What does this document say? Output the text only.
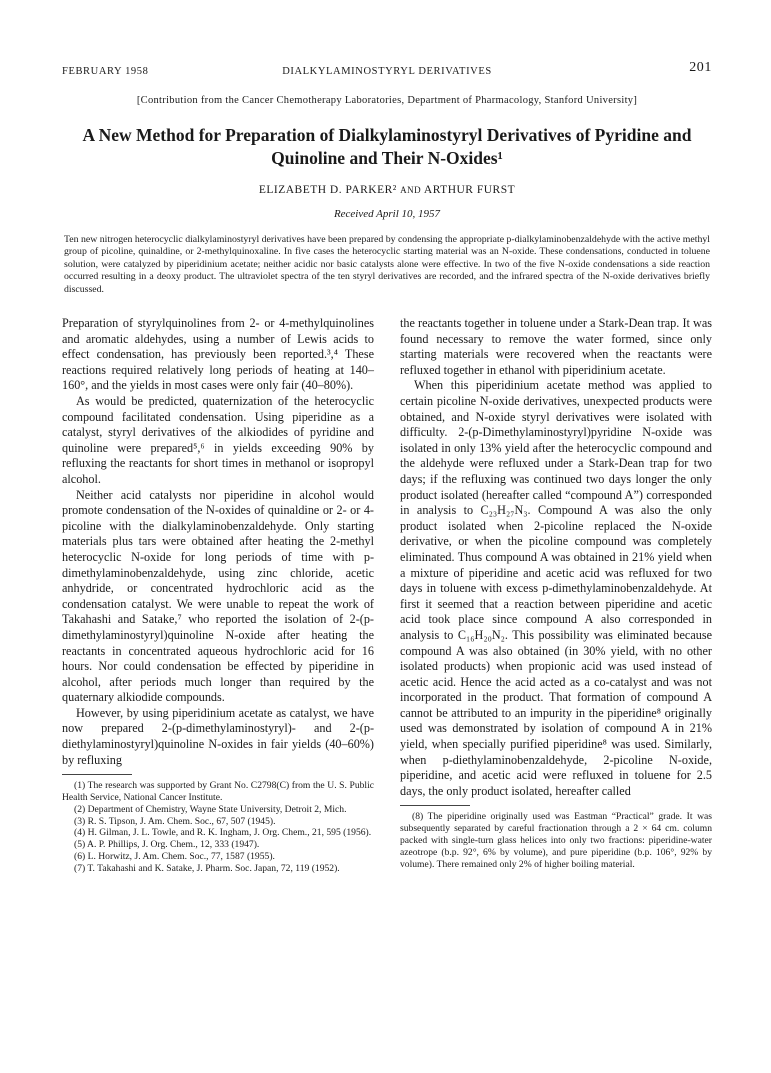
FEBRUARY 1958	DIALKYLAMINOSTYRYL DERIVATIVES	201
[Contribution from the Cancer Chemotherapy Laboratories, Department of Pharmacology, Stanford University]
A New Method for Preparation of Dialkylaminostyryl Derivatives of Pyridine and Quinoline and Their N-Oxides¹
ELIZABETH D. PARKER² AND ARTHUR FURST
Received April 10, 1957
Ten new nitrogen heterocyclic dialkylaminostyryl derivatives have been prepared by condensing the appropriate p-dialkylaminobenzaldehyde with the active methyl group of picoline, quinaldine, or 2-methylquinoxaline. In five cases the heterocyclic starting material was an N-oxide. These condensations, conducted in toluene solution, were catalyzed by piperidinium acetate; neither acidic nor basic catalysts alone were effective. In two of the five N-oxide condensations a side reaction occurred resulting in a deoxy product. The ultraviolet spectra of the ten styryl derivatives are recorded, and the infrared spectra of the N-oxide derivatives briefly discussed.

Preparation of styrylquinolines from 2- or 4-methylquinolines and aromatic aldehydes, using a number of Lewis acids to effect condensation, has previously been reported.³,⁴ These reactions required relatively long periods of heating at 140–160°, and the yields in most cases were only fair (40–80%).

As would be predicted, quaternization of the heterocyclic compound facilitated condensation. Using piperidine as a catalyst, styryl derivatives of the alkiodides of pyridine and quinoline were prepared⁵,⁶ in yields exceeding 90% by refluxing the reactants for short times in methanol or isopropyl alcohol.

Neither acid catalysts nor piperidine in alcohol would promote condensation of the N-oxides of quinaldine or 2- or 4-picoline with the dialkylaminobenzaldehyde. Only starting materials plus tars were obtained after heating the 2-methyl heterocyclic N-oxide for long periods of time with p-dimethylaminobenzaldehyde, using zinc chloride, acetic anhydride, or concentrated hydrochloric acid as the condensation catalyst. We were unable to repeat the work of Takahashi and Satake,⁷ who reported the isolation of 2-(p-dimethylaminostyryl)quinoline N-oxide after heating the reactants in concentrated aqueous hydrochloric acid for 16 hours. Nor could condensation be effected by piperidine in alcohol, after periods much longer than required by the quaternary alkiodide compounds.

However, by using piperidinium acetate as catalyst, we have now prepared 2-(p-dimethylaminostyryl)- and 2-(p-diethylaminostyryl)quinoline N-oxides in fair yields (40–60%) by refluxing

(1) The research was supported by Grant No. C2798(C) from the U. S. Public Health Service, National Cancer Institute.
(2) Department of Chemistry, Wayne State University, Detroit 2, Mich.
(3) R. S. Tipson, J. Am. Chem. Soc., 67, 507 (1945).
(4) H. Gilman, J. L. Towle, and R. K. Ingham, J. Org. Chem., 21, 595 (1956).
(5) A. P. Phillips, J. Org. Chem., 12, 333 (1947).
(6) L. Horwitz, J. Am. Chem. Soc., 77, 1587 (1955).
(7) T. Takahashi and K. Satake, J. Pharm. Soc. Japan, 72, 119 (1952).

the reactants together in toluene under a Stark-Dean trap. It was found necessary to remove the water formed, since only starting materials were recovered when the reactants were refluxed together in ethanol with piperidinium acetate.

When this piperidinium acetate method was applied to certain picoline N-oxide derivatives, unexpected products were obtained, and N-oxide styryl derivatives were isolated with difficulty. 2-(p-Dimethylaminostyryl)pyridine N-oxide was isolated in only 13% yield after the heterocyclic compound and the aldehyde were refluxed under a Stark-Dean trap for two days; if the refluxing was continued two days longer the only product isolated (hereafter called “compound A”) corresponded in analysis to C₂₃H₂₇N₃. Compound A was also the only product isolated when 2-picoline replaced the N-oxide derivative, or when the picoline compound was completely eliminated. Thus compound A was obtained in 21% yield when a mixture of piperidine and acetic acid was refluxed for two days in toluene with excess p-dimethylaminobenzaldehyde. At first it seemed that a reaction between piperidine and acetic acid took place since compound A also corresponded in analysis to C₁₆H₂₀N₂. This possibility was eliminated because compound A was also obtained (in 30% yield, with no other isolated products) when propionic acid was used instead of acetic acid. Hence the acid acted as a co-catalyst and was not incorporated in the product. That formation of compound A cannot be attributed to an impurity in the piperidine⁸ originally used was demonstrated by isolation of compound A in 21% yield, when specially purified piperidine⁸ was used. Similarly, when p-diethylaminobenzaldehyde, 2-picoline N-oxide, piperidine, and acetic acid were refluxed in toluene for 2.5 days, the only product isolated, hereafter called

(8) The piperidine originally used was Eastman “Practical” grade. It was subsequently separated by careful fractionation through a 2 × 64 cm. column packed with single-turn glass helices into only two fractions: piperidine-water azeotrope (b.p. 92°, 6% by volume), and pure piperidine (b.p. 106°, 92% by volume). There remained only 2% of higher boiling material.
